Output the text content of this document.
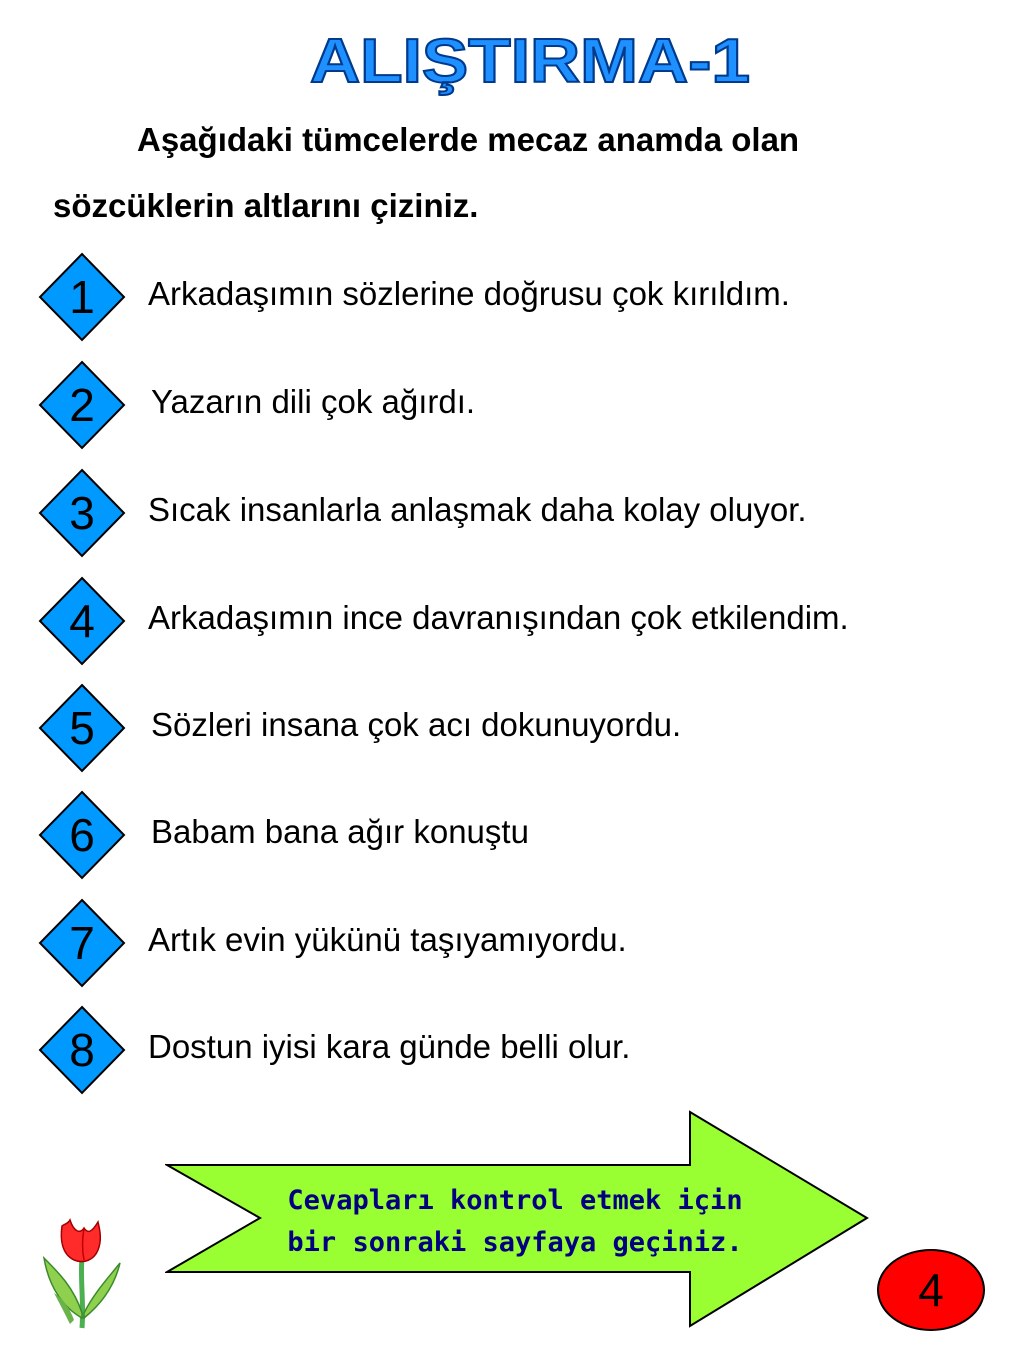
ALIŞTIRMA-1
Aşağıdaki tümcelerde mecaz anamda olan
sözcüklerin altlarını çiziniz.
1	Arkadaşımın sözlerine doğrusu çok kırıldım.
2	Yazarın dili çok ağırdı.
3	Sıcak insanlarla anlaşmak daha kolay oluyor.
4	Arkadaşımın ince davranışından çok etkilendim.
5	Sözleri insana çok acı dokunuyordu.
6	Babam bana ağır konuştu
7	Artık evin yükünü taşıyamıyordu.
8	Dostun iyisi kara günde belli olur.
Cevapları kontrol etmek için
bir sonraki sayfaya geçiniz.
4
